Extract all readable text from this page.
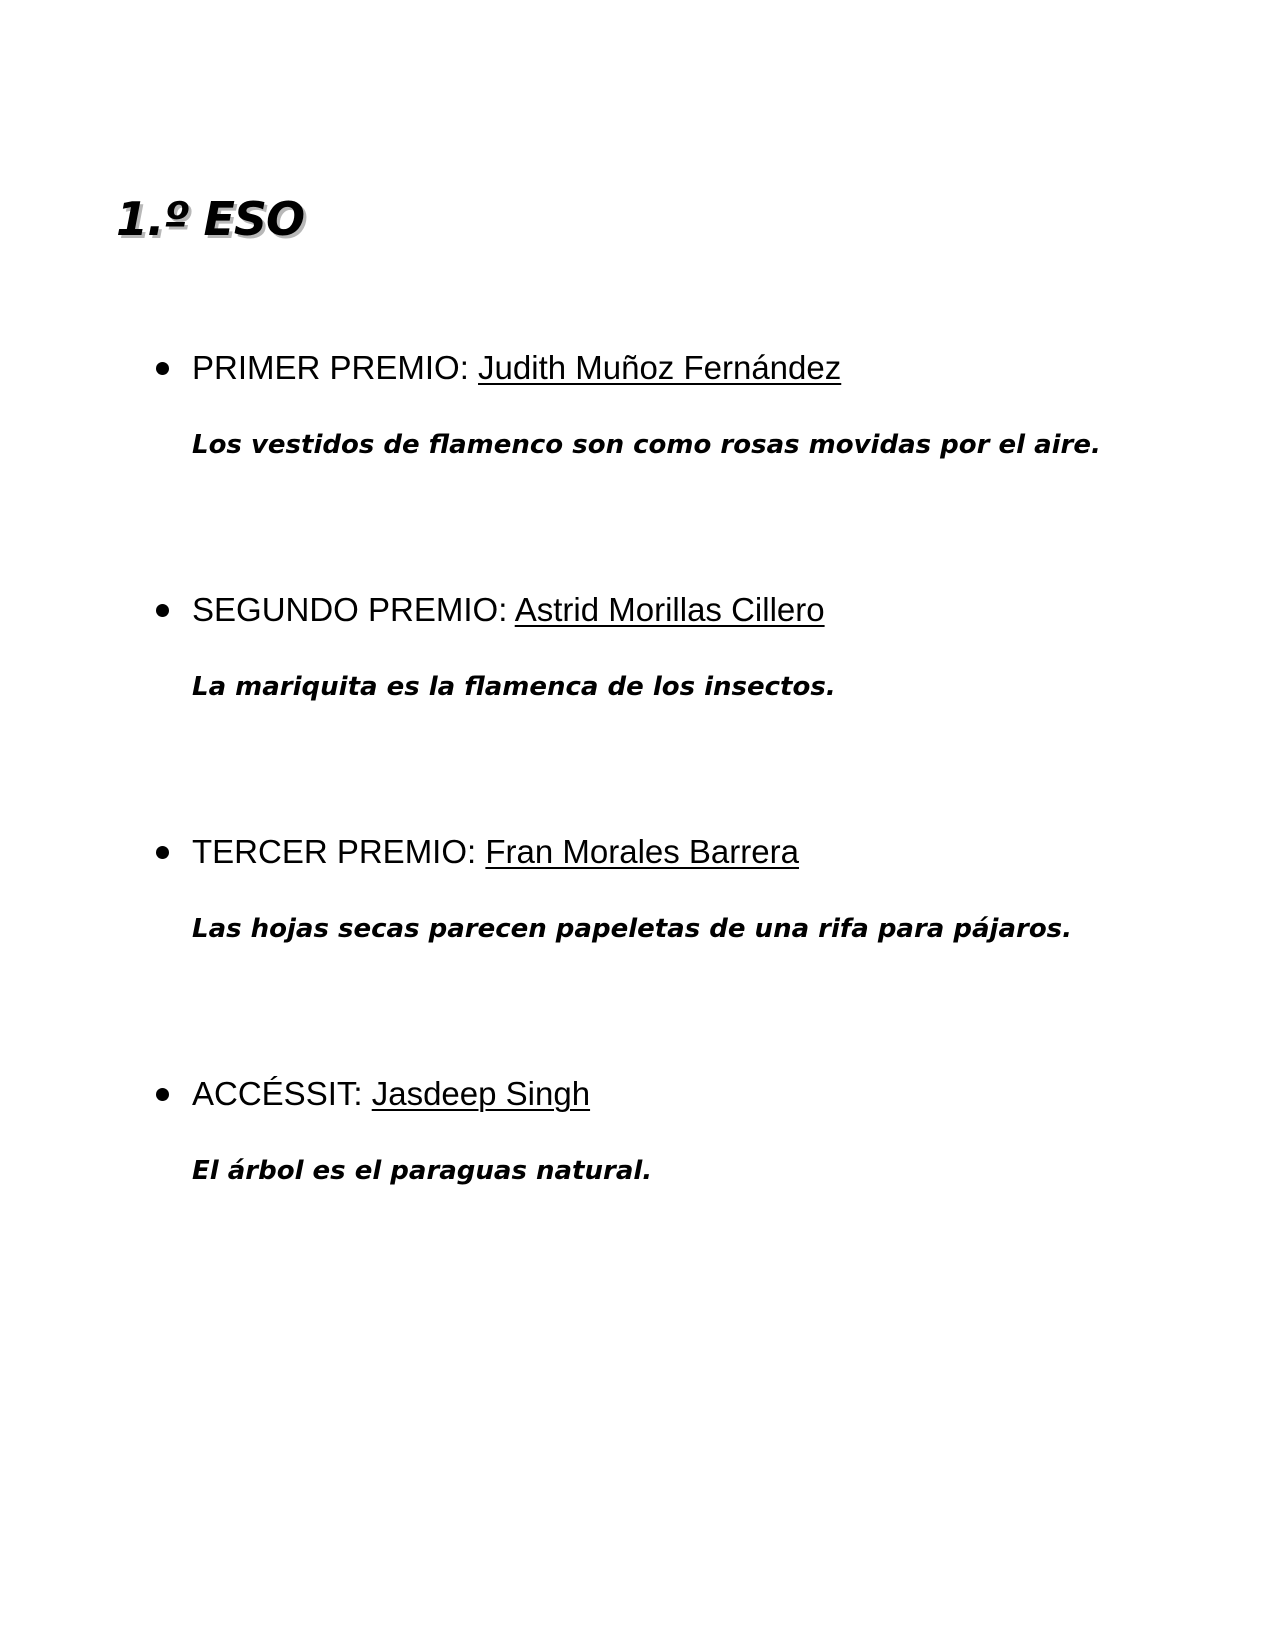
1.º ESO
PRIMER PREMIO: Judith Muñoz Fernández
Los vestidos de flamenco son como rosas movidas por el aire.
SEGUNDO PREMIO: Astrid Morillas Cillero
La mariquita es la flamenca de los insectos.
TERCER PREMIO: Fran Morales Barrera
Las hojas secas parecen papeletas de una rifa para pájaros.
ACCÉSSIT: Jasdeep Singh
El árbol es el paraguas natural.
